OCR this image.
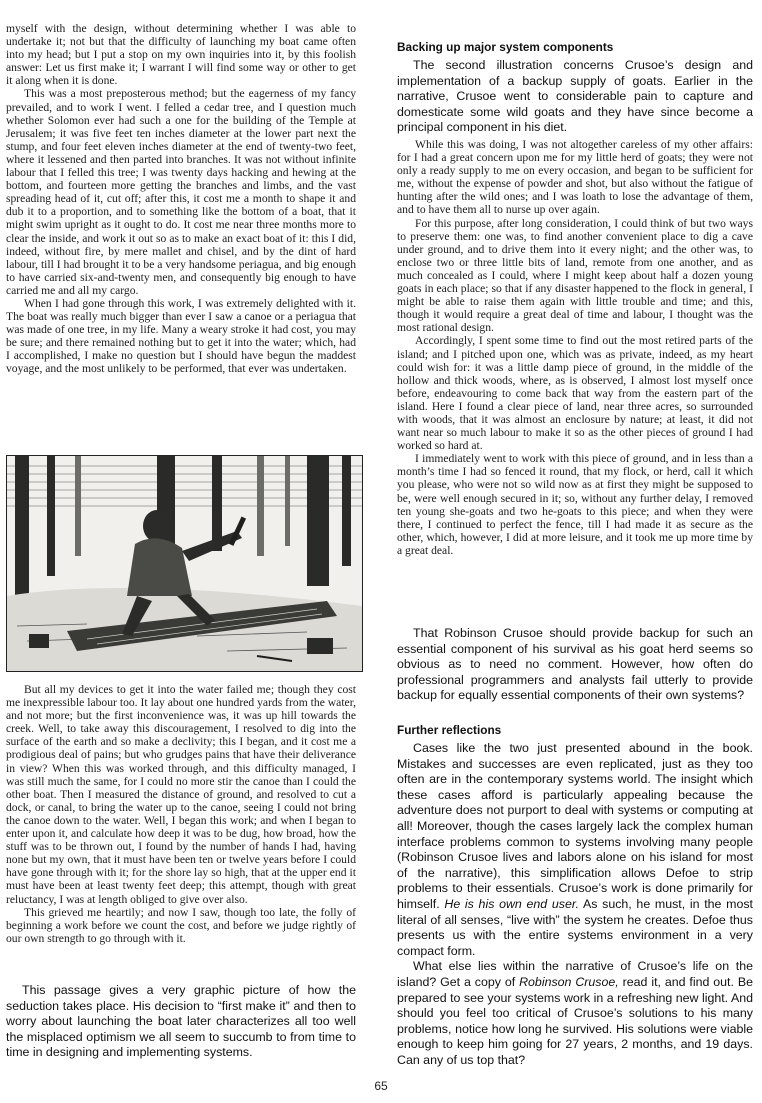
myself with the design, without determining whether I was able to undertake it; not but that the difficulty of launching my boat came often into my head; but I put a stop on my own inquiries into it, by this foolish answer: Let us first make it; I warrant I will find some way or other to get it along when it is done.

This was a most preposterous method; but the eagerness of my fancy prevailed, and to work I went. I felled a cedar tree, and I question much whether Solomon ever had such a one for the building of the Temple at Jerusalem; it was five feet ten inches diameter at the lower part next the stump, and four feet eleven inches diameter at the end of twenty-two feet, where it lessened and then parted into branches. It was not without infinite labour that I felled this tree; I was twenty days hacking and hewing at the bottom, and fourteen more getting the branches and limbs, and the vast spreading head of it, cut off; after this, it cost me a month to shape it and dub it to a proportion, and to something like the bottom of a boat, that it might swim upright as it ought to do. It cost me near three months more to clear the inside, and work it out so as to make an exact boat of it: this I did, indeed, without fire, by mere mallet and chisel, and by the dint of hard labour, till I had brought it to be a very handsome periagua, and big enough to have carried six-and-twenty men, and consequently big enough to have carried me and all my cargo.

When I had gone through this work, I was extremely delighted with it. The boat was really much bigger than ever I saw a canoe or a periagua that was made of one tree, in my life. Many a weary stroke it had cost, you may be sure; and there remained nothing but to get it into the water; which, had I accomplished, I make no question but I should have begun the maddest voyage, and the most unlikely to be performed, that ever was undertaken.

But all my devices to get it into the water failed me; though they cost me inexpressible labour too. It lay about one hundred yards from the water, and not more; but the first inconvenience was, it was up hill towards the creek. Well, to take away this discouragement, I resolved to dig into the surface of the earth and so make a declivity; this I began, and it cost me a prodigious deal of pains; but who grudges pains that have their deliverance in view? When this was worked through, and this difficulty managed, I was still much the same, for I could no more stir the canoe than I could the other boat. Then I measured the distance of ground, and resolved to cut a dock, or canal, to bring the water up to the canoe, seeing I could not bring the canoe down to the water. Well, I began this work; and when I began to enter upon it, and calculate how deep it was to be dug, how broad, how the stuff was to be thrown out, I found by the number of hands I had, having none but my own, that it must have been ten or twelve years before I could have gone through with it; for the shore lay so high, that at the upper end it must have been at least twenty feet deep; this attempt, though with great reluctancy, I was at length obliged to give over also.

This grieved me heartily; and now I saw, though too late, the folly of beginning a work before we count the cost, and before we judge rightly of our own strength to go through with it.

This passage gives a very graphic picture of how the seduction takes place. His decision to “first make it” and then to worry about launching the boat later characterizes all too well the misplaced optimism we all seem to succumb to from time to time in designing and implementing systems.

Backing up major system components

The second illustration concerns Crusoe’s design and implementation of a backup supply of goats. Earlier in the narrative, Crusoe went to considerable pain to capture and domesticate some wild goats and they have since become a principal component in his diet.

While this was doing, I was not altogether careless of my other affairs: for I had a great concern upon me for my little herd of goats; they were not only a ready supply to me on every occasion, and began to be sufficient for me, without the expense of powder and shot, but also without the fatigue of hunting after the wild ones; and I was loath to lose the advantage of them, and to have them all to nurse up over again.

For this purpose, after long consideration, I could think of but two ways to preserve them: one was, to find another convenient place to dig a cave under ground, and to drive them into it every night; and the other was, to enclose two or three little bits of land, remote from one another, and as much concealed as I could, where I might keep about half a dozen young goats in each place; so that if any disaster happened to the flock in general, I might be able to raise them again with little trouble and time; and this, though it would require a great deal of time and labour, I thought was the most rational design.

Accordingly, I spent some time to find out the most retired parts of the island; and I pitched upon one, which was as private, indeed, as my heart could wish for: it was a little damp piece of ground, in the middle of the hollow and thick woods, where, as is observed, I almost lost myself once before, endeavouring to come back that way from the eastern part of the island. Here I found a clear piece of land, near three acres, so surrounded with woods, that it was almost an enclosure by nature; at least, it did not want near so much labour to make it so as the other pieces of ground I had worked so hard at.

I immediately went to work with this piece of ground, and in less than a month’s time I had so fenced it round, that my flock, or herd, call it which you please, who were not so wild now as at first they might be supposed to be, were well enough secured in it; so, without any further delay, I removed ten young she-goats and two he-goats to this piece; and when they were there, I continued to perfect the fence, till I had made it as secure as the other, which, however, I did at more leisure, and it took me up more time by a great deal.

That Robinson Crusoe should provide backup for such an essential component of his survival as his goat herd seems so obvious as to need no comment. However, how often do professional programmers and analysts fail utterly to provide backup for equally essential components of their own systems?

Further reflections

Cases like the two just presented abound in the book. Mistakes and successes are even replicated, just as they too often are in the contemporary systems world. The insight which these cases afford is particularly appealing because the adventure does not purport to deal with systems or computing at all! Moreover, though the cases largely lack the complex human interface problems common to systems involving many people (Robinson Crusoe lives and labors alone on his island for most of the narrative), this simplification allows Defoe to strip problems to their essentials. Crusoe’s work is done primarily for himself. He is his own end user. As such, he must, in the most literal of all senses, “live with” the system he creates. Defoe thus presents us with the entire systems environment in a very compact form.

What else lies within the narrative of Crusoe’s life on the island? Get a copy of Robinson Crusoe, read it, and find out. Be prepared to see your systems work in a refreshing new light. And should you feel too critical of Crusoe’s solutions to his many problems, notice how long he survived. His solutions were viable enough to keep him going for 27 years, 2 months, and 19 days. Can any of us top that?

65
